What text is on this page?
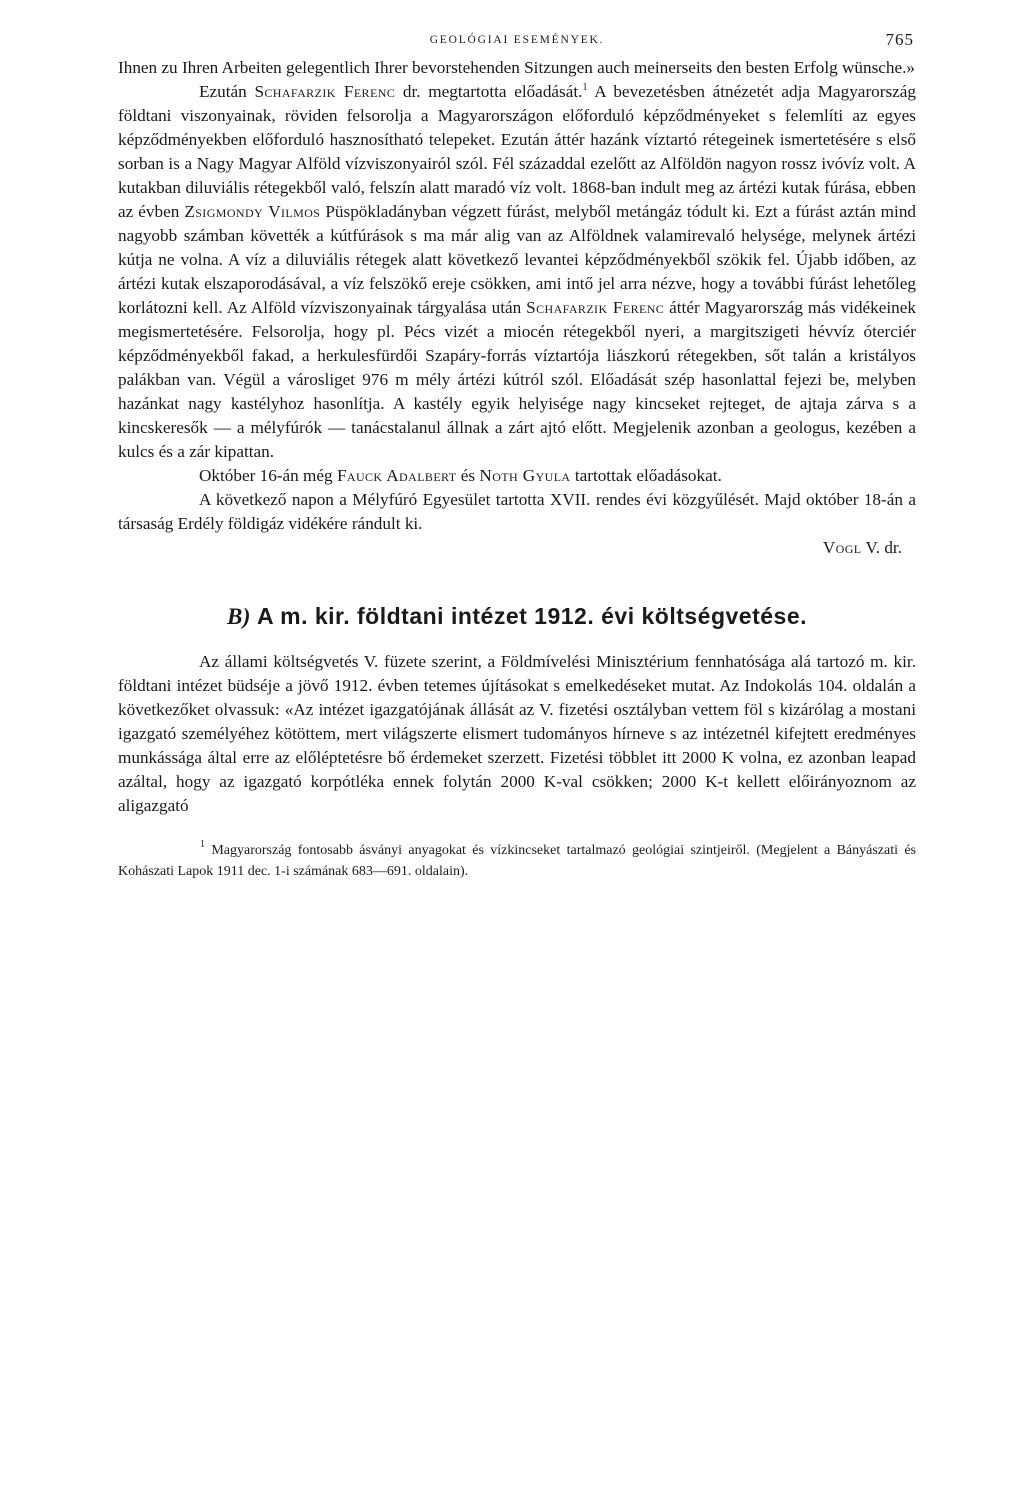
GEOLÓGIAI ESEMÉNYEK.	765

Ihnen zu Ihren Arbeiten gelegentlich Ihrer bevorstehenden Sitzungen auch meinerseits den besten Erfolg wünsche.»

Ezután Schafarzik Ferenc dr. megtartotta előadását.$^1$ A bevezetésben átnézetét adja Magyarország földtani viszonyainak, röviden felsorolja a Magyarországon előforduló képződményeket s felemlíti az egyes képződményekben előforduló hasznosítható telepeket. Ezután áttér hazánk víztartó rétegeinek ismertetésére s első sorban is a Nagy Magyar Alföld vízviszonyairól szól. Fél századdal ezelőtt az Alföldön nagyon rossz ivóvíz volt. A kutakban diluviális rétegekből való, felszín alatt maradó víz volt. 1868-ban indult meg az ártézi kutak fúrása, ebben az évben Zsigmondy Vilmos Püspökladányban végzett fúrást, melyből metángáz tódult ki. Ezt a fúrást aztán mind nagyobb számban követték a kútfúrások s ma már alig van az Alföldnek valamirevaló helysége, melynek ártézi kútja ne volna. A víz a diluviális rétegek alatt következő levantei képződményekből szökik fel. Újabb időben, az ártézi kutak elszaporodásával, a víz felszökő ereje csökken, ami intő jel arra nézve, hogy a további fúrást lehetőleg korlátozni kell. Az Alföld vízviszonyainak tárgyalása után Schafarzik Ferenc áttér Magyarország más vidékeinek megismertetésére. Felsorolja, hogy pl. Pécs vizét a miocén rétegekből nyeri, a margitszigeti hévvíz óterciér képződményekből fakad, a herkulesfürdői Szapáry-forrás víztartója liászkorú rétegekben, sőt talán a kristályos palákban van. Végül a városliget 976 m mély ártézi kútról szól. Előadását szép hasonlattal fejezi be, melyben hazánkat nagy kastélyhoz hasonlítja. A kastély egyik helyisége nagy kincseket rejteget, de ajtaja zárva s a kincskeresők — a mélyfúrók — tanácstalanul állnak a zárt ajtó előtt. Megjelenik azonban a geologus, kezében a kulcs és a zár kipattan.

Október 16-án még Fauck Adalbert és Noth Gyula tartottak előadásokat.

A következő napon a Mélyfúró Egyesület tartotta XVII. rendes évi közgyűlését. Majd október 18-án a társaság Erdély földigáz vidékére rándult ki.

Vogl V. dr.

B) A m. kir. földtani intézet 1912. évi költségvetése.

Az állami költségvetés V. füzete szerint, a Földmívelési Minisztérium fennhatósága alá tartozó m. kir. földtani intézet büdséje a jövő 1912. évben tetemes újításokat s emelkedéseket mutat. Az Indokolás 104. oldalán a következőket olvassuk: «Az intézet igazgatójának állását az V. fizetési osztályban vettem föl s kizárólag a mostani igazgató személyéhez kötöttem, mert világszerte elismert tudományos hírneve s az intézetnél kifejtett eredményes munkássága által erre az előléptetésre bő érdemeket szerzett. Fizetési többlet itt 2000 K volna, ez azonban leapad azáltal, hogy az igazgató korpótléka ennek folytán 2000 K-val csökken; 2000 K-t kellett előirányoznom az aligazgató

$^1$ Magyarország fontosabb ásványi anyagokat és vízkincseket tartalmazó geológiai szintjeiről. (Megjelent a Bányászati és Kohászati Lapok 1911 dec. 1-i számának 683—691. oldalain).
